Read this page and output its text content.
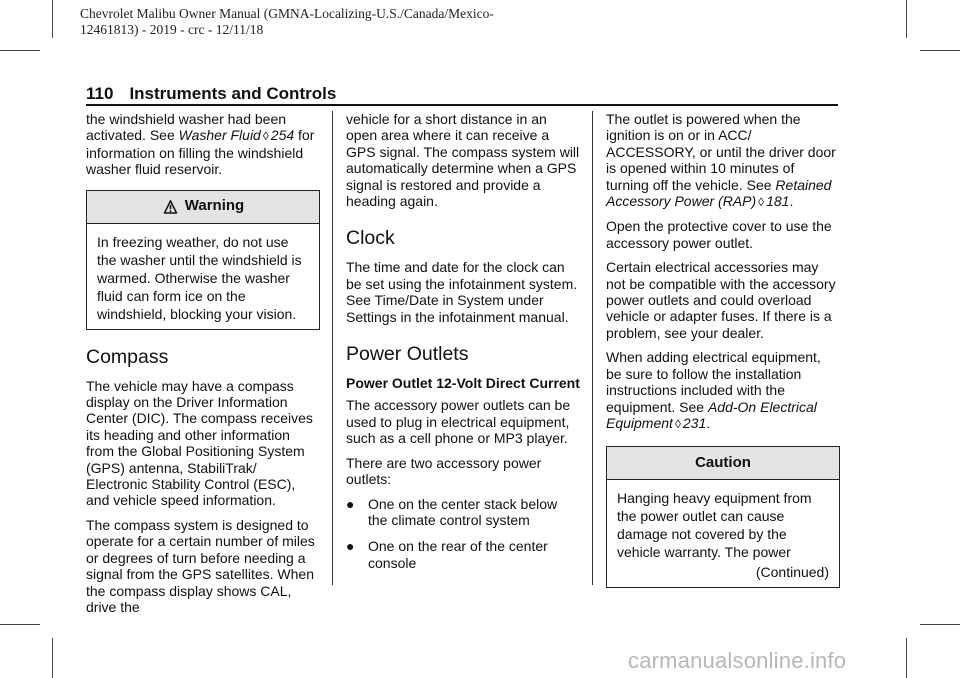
Chevrolet Malibu Owner Manual (GMNA-Localizing-U.S./Canada/Mexico-
12461813) - 2019 - crc - 12/11/18
110 Instruments and Controls

the windshield washer had been activated. See Washer Fluid ◊ 254 for information on filling the windshield washer fluid reservoir.

Warning
In freezing weather, do not use
the washer until the windshield is
warmed. Otherwise the washer
fluid can form ice on the
windshield, blocking your vision.
Compass

The vehicle may have a compass display on the Driver Information Center (DIC). The compass receives its heading and other information from the Global Positioning System (GPS) antenna, StabiliTrak/ Electronic Stability Control (ESC), and vehicle speed information.

The compass system is designed to operate for a certain number of miles or degrees of turn before needing a signal from the GPS satellites. When the compass display shows CAL, drive the

vehicle for a short distance in an open area where it can receive a GPS signal. The compass system will automatically determine when a GPS signal is restored and provide a heading again.

Clock

The time and date for the clock can be set using the infotainment system. See Time/Date in System under Settings in the infotainment manual.

Power Outlets
Power Outlet 12-Volt Direct Current

The accessory power outlets can be used to plug in electrical equipment, such as a cell phone or MP3 player.

There are two accessory power outlets:

● One on the center stack below the climate control system
● One on the rear of the center console

The outlet is powered when the ignition is on or in ACC/ ACCESSORY, or until the driver door is opened within 10 minutes of turning off the vehicle. See Retained Accessory Power (RAP) ◊ 181.

Open the protective cover to use the accessory power outlet.

Certain electrical accessories may not be compatible with the accessory power outlets and could overload vehicle or adapter fuses. If there is a problem, see your dealer.

When adding electrical equipment, be sure to follow the installation instructions included with the equipment. See Add-On Electrical Equipment ◊ 231.

Caution
Hanging heavy equipment from
the power outlet can cause
damage not covered by the
vehicle warranty. The power
(Continued)
carmanualsonline.info
